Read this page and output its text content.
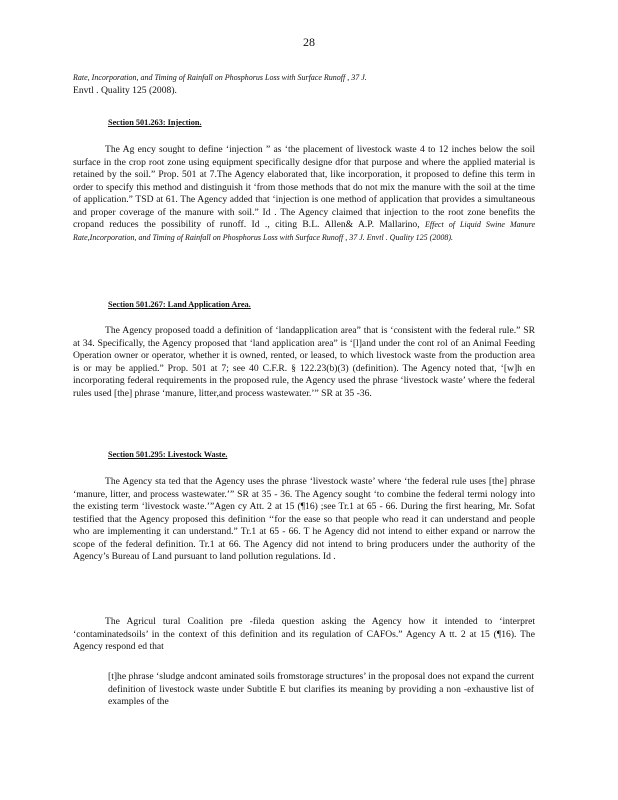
28
Rate, Incorporation, and Timing of Rainfall on Phosphorus Loss with Surface Runoff , 37 J.
Envtl . Quality 125 (2008).
Section 501.263: Injection.
The Ag ency sought to define ‘injection ” as ‘the placement of livestock waste 4 to 12 inches below the soil surface in the crop root zone using equipment specifically designe dfor that purpose and where the applied material is retained by the soil.” Prop. 501 at 7.The Agency elaborated that, like incorporation, it proposed to define this term in order to specify this method and distinguish it ‘from those methods that do not mix the manure with the soil at the time of application.” TSD at 61. The Agency added that ‘injection is one method of application that provides a simultaneous and proper coverage of the manure with soil.” Id . The Agency claimed that injection to the root zone benefits the cropand reduces the possibility of runoff. Id ., citing B.L. Allen& A.P. Mallarino, Effect of Liquid Swine Manure Rate,Incorporation, and Timing of Rainfall on Phosphorus Loss with Surface Runoff , 37 J. Envtl . Quality 125 (2008).
Section 501.267: Land Application Area.
The Agency proposed toadd a definition of ‘landapplication area” that is ‘consistent with the federal rule.” SR at 34. Specifically, the Agency proposed that ‘land application area” is ‘[l]and under the cont rol of an Animal Feeding Operation owner or operator, whether it is owned, rented, or leased, to which livestock waste from the production area is or may be applied.” Prop. 501 at 7; see 40 C.F.R. § 122.23(b)(3) (definition). The Agency noted that, ‘[w]h en incorporating federal requirements in the proposed rule, the Agency used the phrase ‘livestock waste’ where the federal rules used [the] phrase ‘manure, litter,and process wastewater.’” SR at 35 -36.
Section 501.295: Livestock Waste.
The Agency sta ted that the Agency uses the phrase ‘livestock waste’ where ‘the federal rule uses [the] phrase ‘manure, litter, and process wastewater.’” SR at 35 - 36. The Agency sought ‘to combine the federal termi nology into the existing term ‘livestock waste.’”Agen cy Att. 2 at 15 (¶16) ;see Tr.1 at 65 - 66. During the first hearing, Mr. Sofat testified that the Agency proposed this definition ‘‘for the ease so that people who read it can understand and people who are implementing it can understand.” Tr.1 at 65 - 66. T he Agency did not intend to either expand or narrow the scope of the federal definition. Tr.1 at 66. The Agency did not intend to bring producers under the authority of the Agency’s Bureau of Land pursuant to land pollution regulations. Id .
The Agricul tural Coalition pre -fileda question asking the Agency how it intended to ‘interpret ‘contaminatedsoils’ in the context of this definition and its regulation of CAFOs.” Agency A tt. 2 at 15 (¶16). The Agency respond ed that
[t]he phrase ‘sludge andcont aminated soils fromstorage structures’ in the proposal does not expand the current definition of livestock waste under Subtitle E but clarifies its meaning by providing a non -exhaustive list of examples of the
